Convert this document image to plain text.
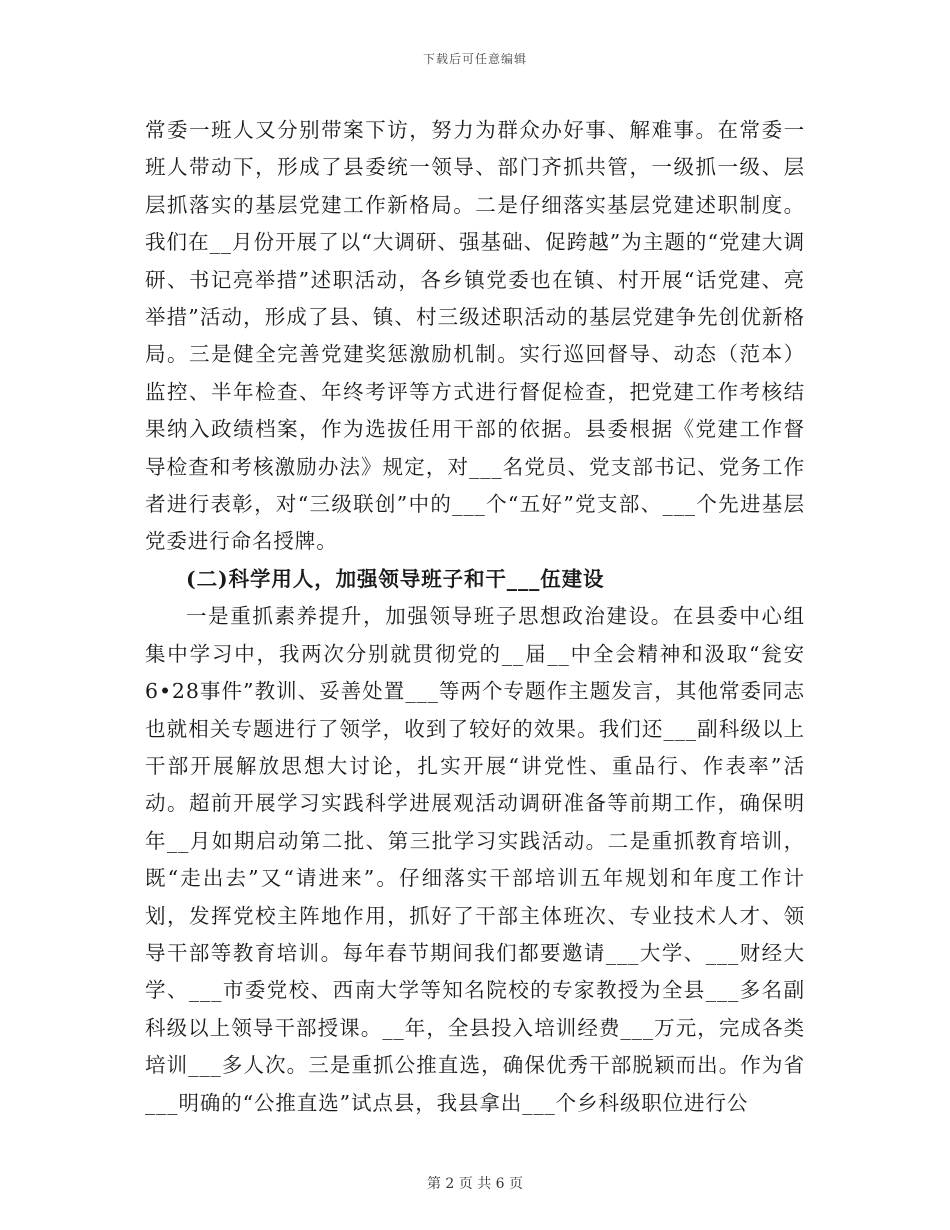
下载后可任意编辑

常委一班人又分别带案下访，努力为群众办好事、解难事。在常委一班人带动下，形成了县委统一领导、部门齐抓共管，一级抓一级、层层抓落实的基层党建工作新格局。二是仔细落实基层党建述职制度。我们在__月份开展了以“大调研、强基础、促跨越”为主题的“党建大调研、书记亮举措”述职活动，各乡镇党委也在镇、村开展“话党建、亮举措”活动，形成了县、镇、村三级述职活动的基层党建争先创优新格局。三是健全完善党建奖惩激励机制。实行巡回督导、动态（范本）监控、半年检查、年终考评等方式进行督促检查，把党建工作考核结果纳入政绩档案，作为选拔任用干部的依据。县委根据《党建工作督导检查和考核激励办法》规定，对___名党员、党支部书记、党务工作者进行表彰，对“三级联创”中的___个“五好”党支部、___个先进基层党委进行命名授牌。

(二)科学用人，加强领导班子和干___伍建设

一是重抓素养提升，加强领导班子思想政治建设。在县委中心组集中学习中，我两次分别就贯彻党的__届__中全会精神和汲取“瓮安6•28事件”教训、妥善处置___等两个专题作主题发言，其他常委同志也就相关专题进行了领学，收到了较好的效果。我们还___副科级以上干部开展解放思想大讨论，扎实开展“讲党性、重品行、作表率”活动。超前开展学习实践科学进展观活动调研准备等前期工作，确保明年__月如期启动第二批、第三批学习实践活动。二是重抓教育培训，既“走出去”又“请进来”。仔细落实干部培训五年规划和年度工作计划，发挥党校主阵地作用，抓好了干部主体班次、专业技术人才、领导干部等教育培训。每年春节期间我们都要邀请___大学、___财经大学、___市委党校、西南大学等知名院校的专家教授为全县___多名副科级以上领导干部授课。__年，全县投入培训经费___万元，完成各类培训___多人次。三是重抓公推直选，确保优秀干部脱颖而出。作为省___明确的“公推直选”试点县，我县拿出___个乡科级职位进行公

第 2 页 共 6 页
